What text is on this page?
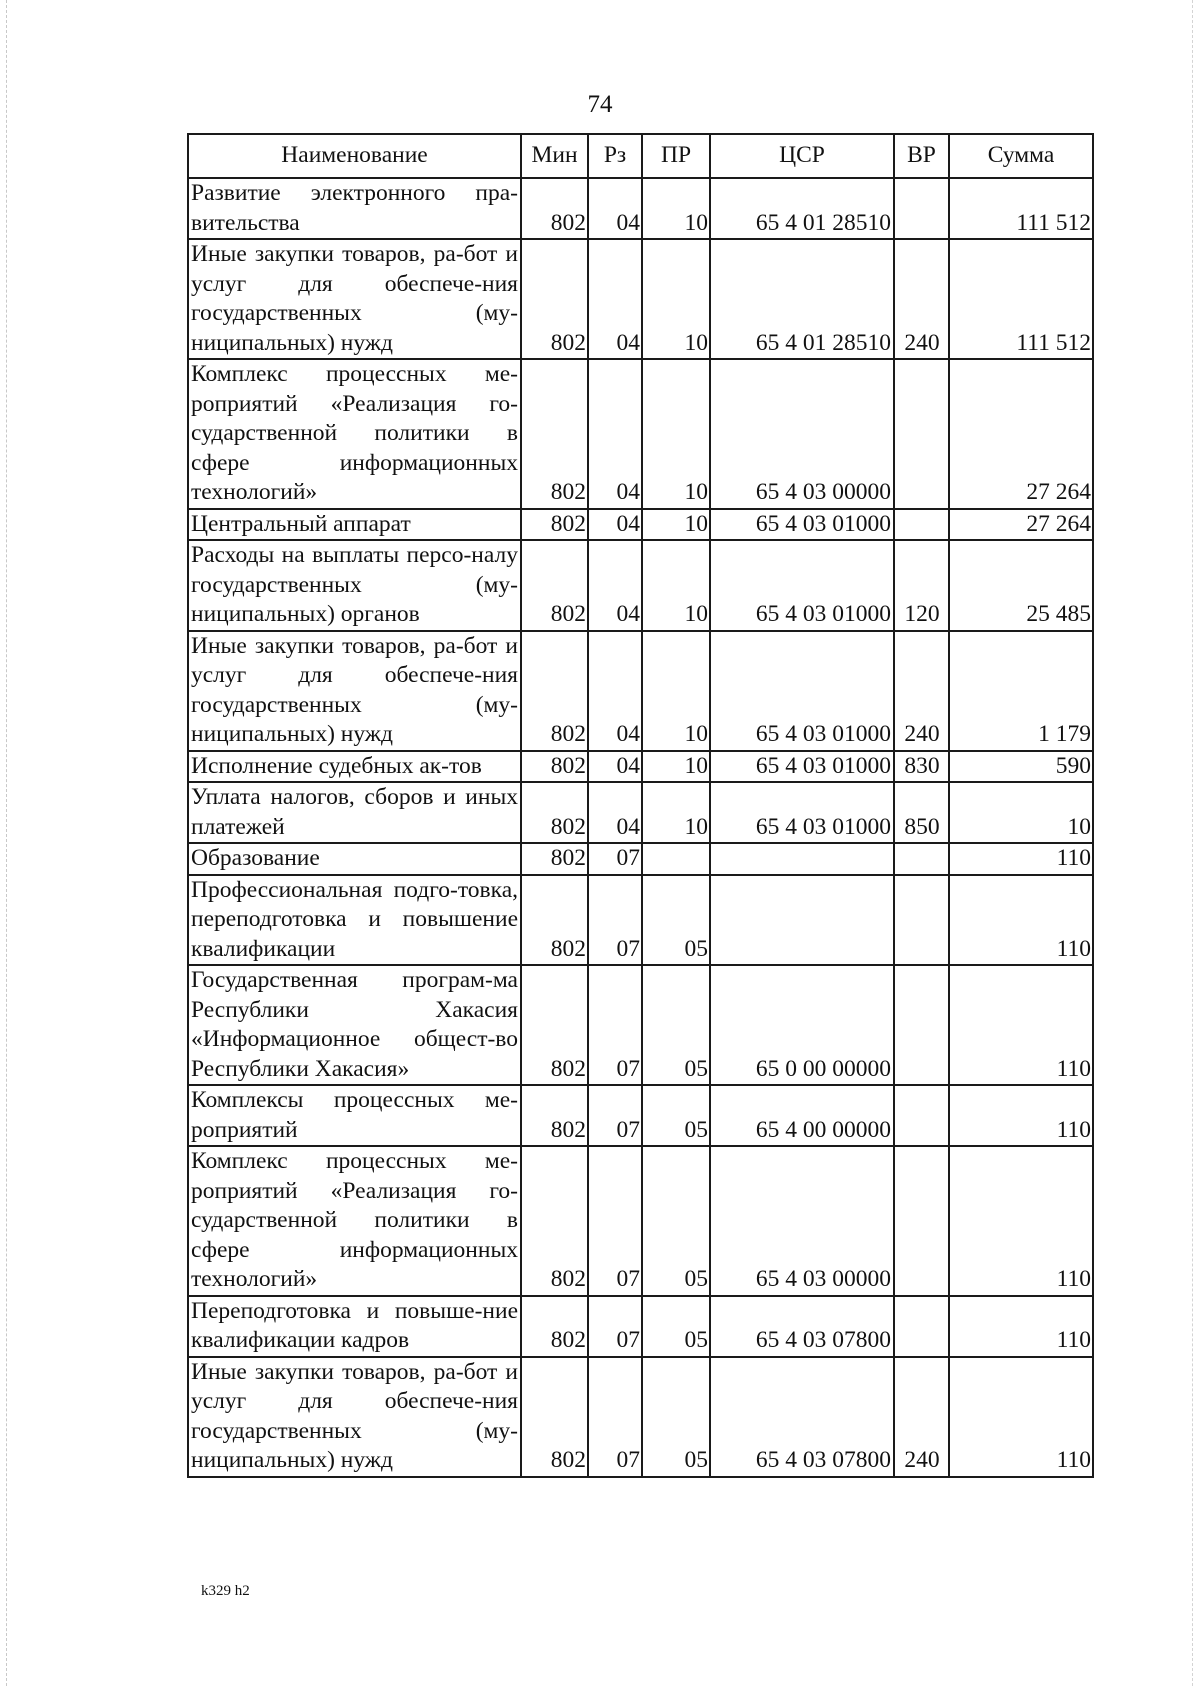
74
Наименование	Мин	Рз	ПР	ЦСР	ВР	Сумма
Развитие электронного пра-вительства	802	04	10	65 4 01 28510		111 512
Иные закупки товаров, ра-бот и услуг для обеспече-ния государственных (му-ниципальных) нужд	802	04	10	65 4 01 28510	240	111 512
Комплекс процессных ме-роприятий «Реализация го-сударственной политики в сфере информационных технологий»	802	04	10	65 4 03 00000		27 264
Центральный аппарат	802	04	10	65 4 03 01000		27 264
Расходы на выплаты персо-налу государственных (му-ниципальных) органов	802	04	10	65 4 03 01000	120	25 485
Иные закупки товаров, ра-бот и услуг для обеспече-ния государственных (му-ниципальных) нужд	802	04	10	65 4 03 01000	240	1 179
Исполнение судебных ак-тов	802	04	10	65 4 03 01000	830	590
Уплата налогов, сборов и иных платежей	802	04	10	65 4 03 01000	850	10
Образование	802	07				110
Профессиональная подго-товка, переподготовка и повышение квалификации	802	07	05			110
Государственная програм-ма Республики Хакасия «Информационное общест-во Республики Хакасия»	802	07	05	65 0 00 00000		110
Комплексы процессных ме-роприятий	802	07	05	65 4 00 00000		110
Комплекс процессных ме-роприятий «Реализация го-сударственной политики в сфере информационных технологий»	802	07	05	65 4 03 00000		110
Переподготовка и повыше-ние квалификации кадров	802	07	05	65 4 03 07800		110
Иные закупки товаров, ра-бот и услуг для обеспече-ния государственных (му-ниципальных) нужд	802	07	05	65 4 03 07800	240	110
k329 h2
